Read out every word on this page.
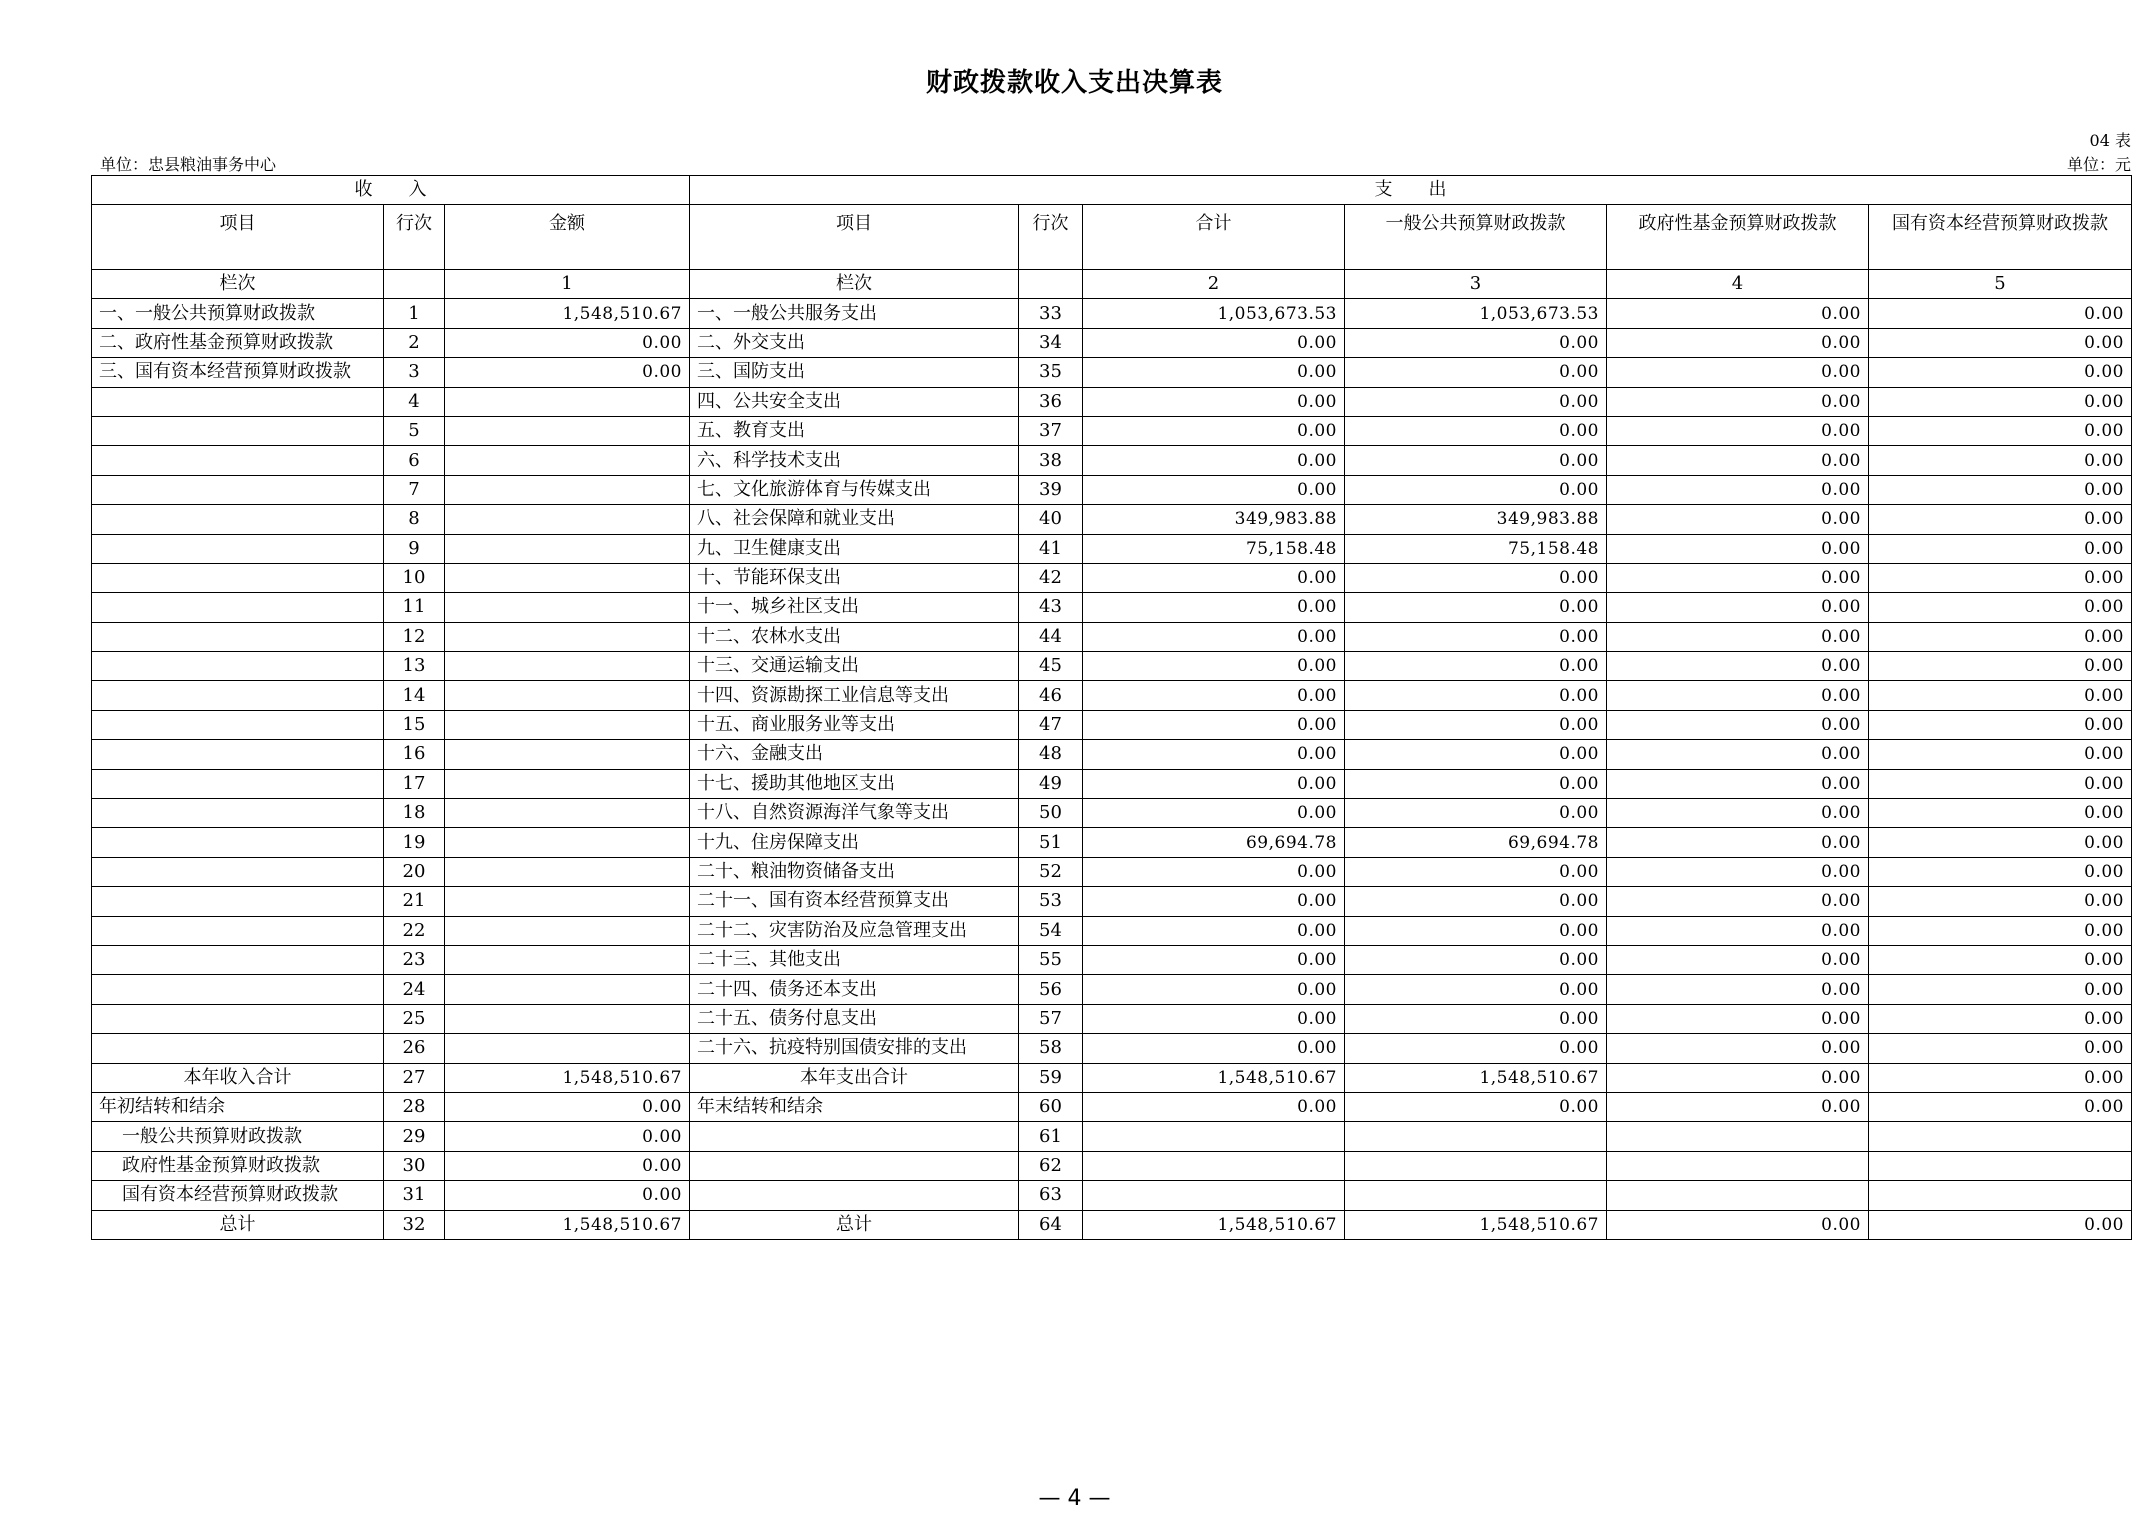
财政拨款收入支出决算表
04 表
单位：忠县粮油事务中心	单位：元
收　　入			支　　出					
项目	行次	金额	项目	行次	合计	一般公共预算财政拨款	政府性基金预算财政拨款	国有资本经营预算财政拨款
栏次		1	栏次		2	3	4	5
一、一般公共预算财政拨款	1	1,548,510.67	一、一般公共服务支出	33	1,053,673.53	1,053,673.53	0.00	0.00
二、政府性基金预算财政拨款	2	0.00	二、外交支出	34	0.00	0.00	0.00	0.00
三、国有资本经营预算财政拨款	3	0.00	三、国防支出	35	0.00	0.00	0.00	0.00
	4		四、公共安全支出	36	0.00	0.00	0.00	0.00
	5		五、教育支出	37	0.00	0.00	0.00	0.00
	6		六、科学技术支出	38	0.00	0.00	0.00	0.00
	7		七、文化旅游体育与传媒支出	39	0.00	0.00	0.00	0.00
	8		八、社会保障和就业支出	40	349,983.88	349,983.88	0.00	0.00
	9		九、卫生健康支出	41	75,158.48	75,158.48	0.00	0.00
	10		十、节能环保支出	42	0.00	0.00	0.00	0.00
	11		十一、城乡社区支出	43	0.00	0.00	0.00	0.00
	12		十二、农林水支出	44	0.00	0.00	0.00	0.00
	13		十三、交通运输支出	45	0.00	0.00	0.00	0.00
	14		十四、资源勘探工业信息等支出	46	0.00	0.00	0.00	0.00
	15		十五、商业服务业等支出	47	0.00	0.00	0.00	0.00
	16		十六、金融支出	48	0.00	0.00	0.00	0.00
	17		十七、援助其他地区支出	49	0.00	0.00	0.00	0.00
	18		十八、自然资源海洋气象等支出	50	0.00	0.00	0.00	0.00
	19		十九、住房保障支出	51	69,694.78	69,694.78	0.00	0.00
	20		二十、粮油物资储备支出	52	0.00	0.00	0.00	0.00
	21		二十一、国有资本经营预算支出	53	0.00	0.00	0.00	0.00
	22		二十二、灾害防治及应急管理支出	54	0.00	0.00	0.00	0.00
	23		二十三、其他支出	55	0.00	0.00	0.00	0.00
	24		二十四、债务还本支出	56	0.00	0.00	0.00	0.00
	25		二十五、债务付息支出	57	0.00	0.00	0.00	0.00
	26		二十六、抗疫特别国债安排的支出	58	0.00	0.00	0.00	0.00
本年收入合计	27	1,548,510.67	本年支出合计	59	1,548,510.67	1,548,510.67	0.00	0.00
年初结转和结余	28	0.00	年末结转和结余	60	0.00	0.00	0.00	0.00
一般公共预算财政拨款	29	0.00		61				
政府性基金预算财政拨款	30	0.00		62				
国有资本经营预算财政拨款	31	0.00		63				
总计	32	1,548,510.67	总计	64	1,548,510.67	1,548,510.67	0.00	0.00
— 4 —
